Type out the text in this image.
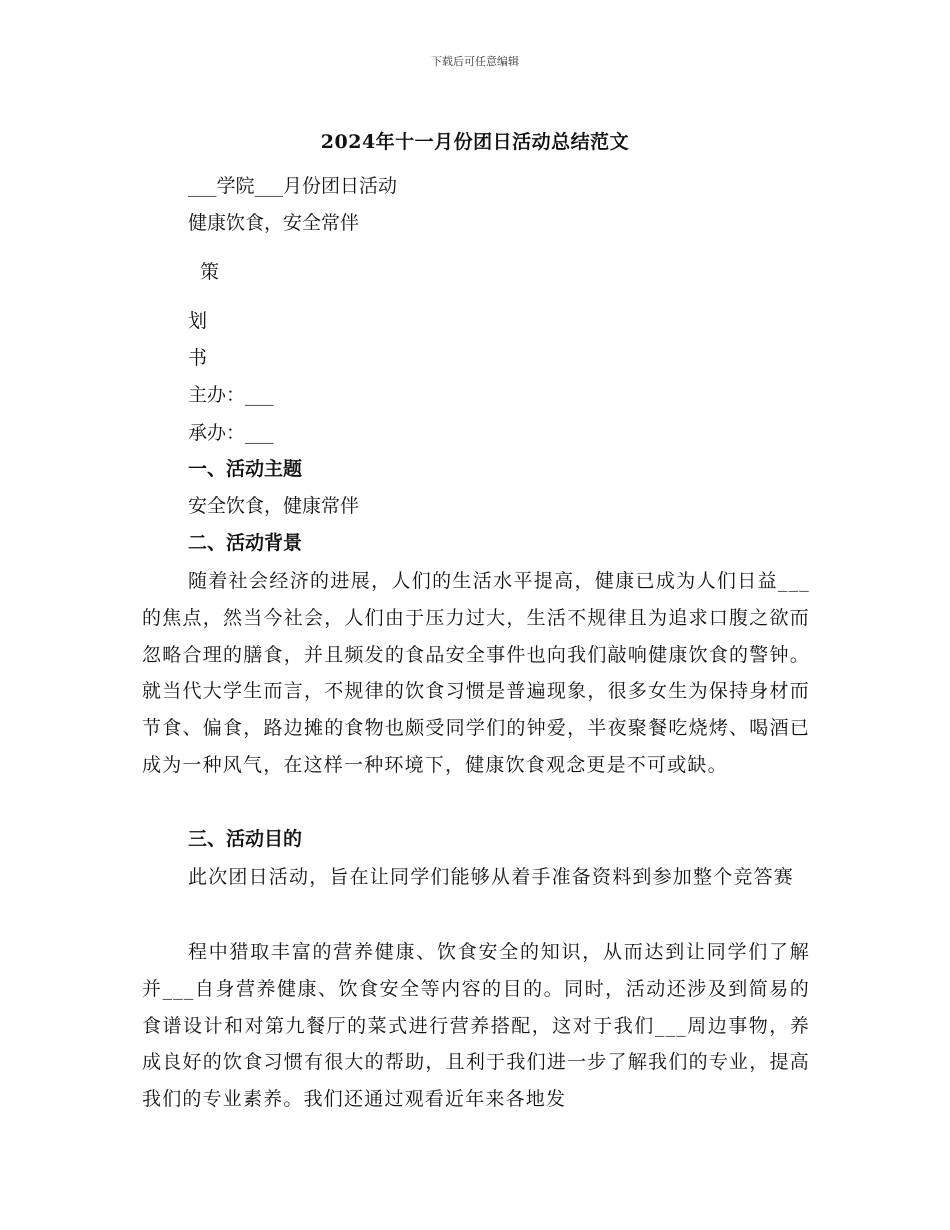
下载后可任意编辑
2024年十一月份团日活动总结范文
___学院___月份团日活动
健康饮食，安全常伴
策
划
书
主办：___
承办：___
一、活动主题
安全饮食，健康常伴
二、活动背景
随着社会经济的进展，人们的生活水平提高，健康已成为人们日益___的焦点，然当今社会，人们由于压力过大，生活不规律且为追求口腹之欲而忽略合理的膳食，并且频发的食品安全事件也向我们敲响健康饮食的警钟。就当代大学生而言，不规律的饮食习惯是普遍现象，很多女生为保持身材而节食、偏食，路边摊的食物也颇受同学们的钟爱，半夜聚餐吃烧烤、喝酒已成为一种风气，在这样一种环境下，健康饮食观念更是不可或缺。
三、活动目的
此次团日活动，旨在让同学们能够从着手准备资料到参加整个竞答赛
程中猎取丰富的营养健康、饮食安全的知识，从而达到让同学们了解并___自身营养健康、饮食安全等内容的目的。同时，活动还涉及到简易的食谱设计和对第九餐厅的菜式进行营养搭配，这对于我们___周边事物，养成良好的饮食习惯有很大的帮助，且利于我们进一步了解我们的专业，提高我们的专业素养。我们还通过观看近年来各地发
